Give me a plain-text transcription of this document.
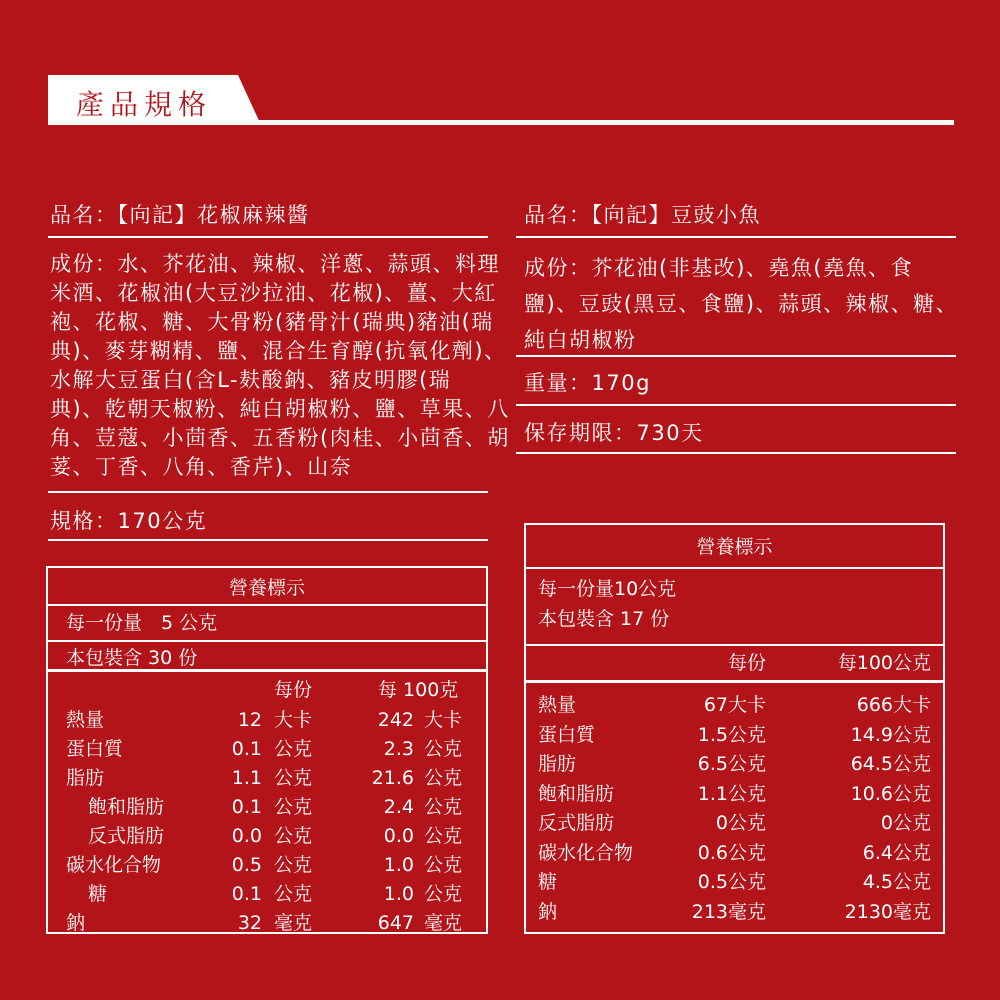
產品規格
品名：【向記】花椒麻辣醬
成份：水、芥花油、辣椒、洋蔥、蒜頭、料理
米酒、花椒油(大豆沙拉油、花椒)、薑、大紅
袍、花椒、糖、大骨粉(豬骨汁(瑞典)豬油(瑞
典)、麥芽糊精、鹽、混合生育醇(抗氧化劑)、
水解大豆蛋白(含L-麸酸鈉、豬皮明膠(瑞
典)、乾朝天椒粉、純白胡椒粉、鹽、草果、八
角、荳蔻、小茴香、五香粉(肉桂、小茴香、胡
荽、丁香、八角、香芹)、山奈
規格：170公克
營養標示
每一份量　5 公克
本包裝含 30 份
每份	每 100克
熱量	12 大卡	242 大卡
蛋白質	0.1 公克	2.3 公克
脂肪	1.1 公克	21.6 公克
飽和脂肪	0.1 公克	2.4 公克
反式脂肪	0.0 公克	0.0 公克
碳水化合物	0.5 公克	1.0 公克
糖	0.1 公克	1.0 公克
鈉	32 毫克	647 毫克
品名：【向記】豆豉小魚
成份：芥花油(非基改)、堯魚(堯魚、食
鹽)、豆豉(黑豆、食鹽)、蒜頭、辣椒、糖、
純白胡椒粉
重量：170g
保存期限：730天
營養標示
每一份量10公克
本包裝含 17 份
每份	每100公克
熱量	67大卡	666大卡
蛋白質	1.5公克	14.9公克
脂肪	6.5公克	64.5公克
飽和脂肪	1.1公克	10.6公克
反式脂肪	0公克	0公克
碳水化合物	0.6公克	6.4公克
糖	0.5公克	4.5公克
鈉	213毫克	2130毫克
